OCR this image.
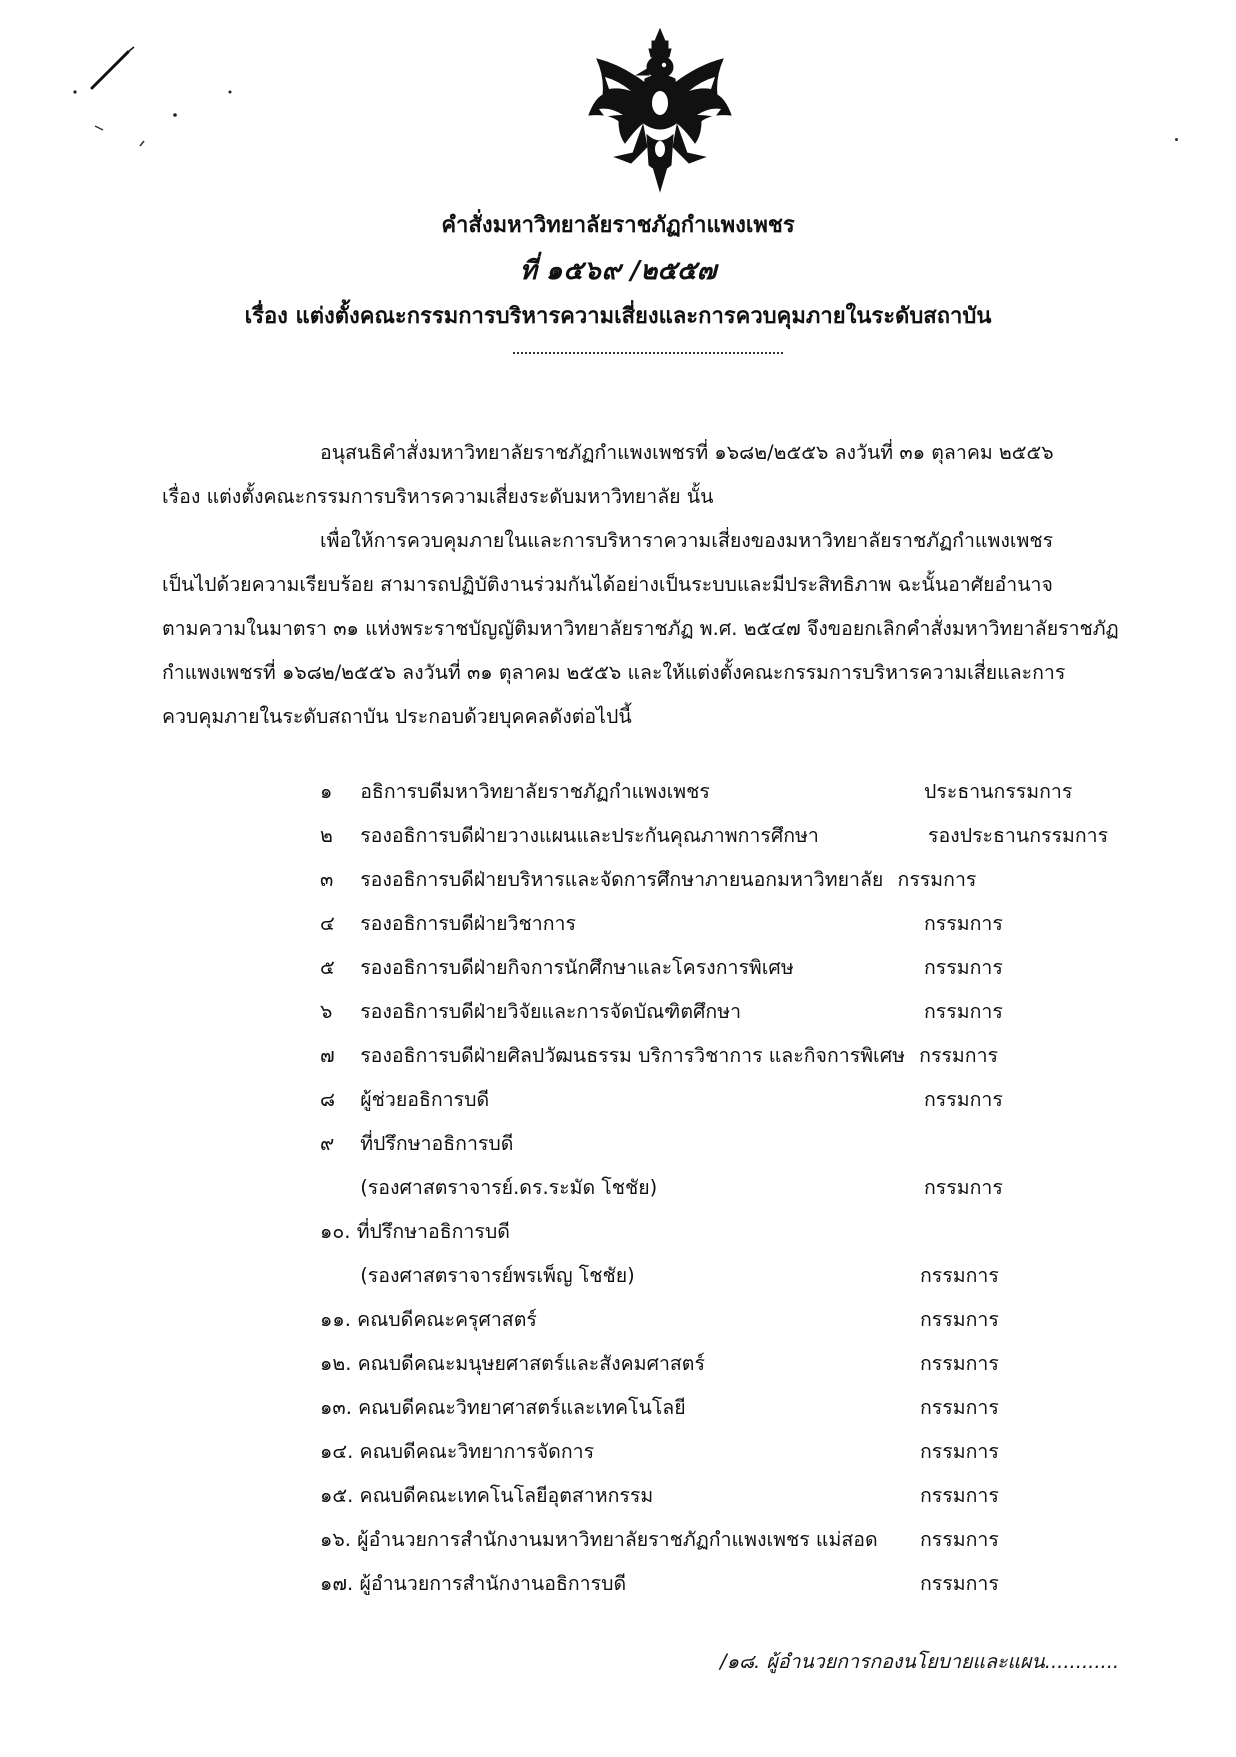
คำสั่งมหาวิทยาลัยราชภัฏกำแพงเพชร
ที่ ๑๕๖๙ /๒๕๕๗
เรื่อง แต่งตั้งคณะกรรมการบริหารความเสี่ยงและการควบคุมภายในระดับสถาบัน
อนุสนธิคำสั่งมหาวิทยาลัยราชภัฏกำแพงเพชรที่ ๑๖๘๒/๒๕๕๖ ลงวันที่ ๓๑ ตุลาคม ๒๕๕๖
เรื่อง แต่งตั้งคณะกรรมการบริหารความเสี่ยงระดับมหาวิทยาลัย นั้น
เพื่อให้การควบคุมภายในและการบริหาราความเสี่ยงของมหาวิทยาลัยราชภัฏกำแพงเพชร
เป็นไปด้วยความเรียบร้อย สามารถปฏิบัติงานร่วมกันได้อย่างเป็นระบบและมีประสิทธิภาพ ฉะนั้นอาศัยอำนาจ
ตามความในมาตรา ๓๑ แห่งพระราชบัญญัติมหาวิทยาลัยราชภัฏ พ.ศ. ๒๕๔๗ จึงขอยกเลิกคำสั่งมหาวิทยาลัยราชภัฏ
กำแพงเพชรที่ ๑๖๘๒/๒๕๕๖ ลงวันที่ ๓๑ ตุลาคม ๒๕๕๖ และให้แต่งตั้งคณะกรรมการบริหารความเสี่ยและการ
ควบคุมภายในระดับสถาบัน ประกอบด้วยบุคคลดังต่อไปนี้
๑ อธิการบดีมหาวิทยาลัยราชภัฏกำแพงเพชร	ประธานกรรมการ
๒ รองอธิการบดีฝ่ายวางแผนและประกันคุณภาพการศึกษา	รองประธานกรรมการ
๓ รองอธิการบดีฝ่ายบริหารและจัดการศึกษาภายนอกมหาวิทยาลัย กรรมการ
๔ รองอธิการบดีฝ่ายวิชาการ	กรรมการ
๕ รองอธิการบดีฝ่ายกิจการนักศึกษาและโครงการพิเศษ	กรรมการ
๖ รองอธิการบดีฝ่ายวิจัยและการจัดบัณฑิตศึกษา	กรรมการ
๗ รองอธิการบดีฝ่ายศิลปวัฒนธรรม บริการวิชาการ และกิจการพิเศษ กรรมการ
๘ ผู้ช่วยอธิการบดี	กรรมการ
๙ ที่ปรึกษาอธิการบดี
(รองศาสตราจารย์.ดร.ระมัด โชชัย)	กรรมการ
๑๐. ที่ปรึกษาอธิการบดี
(รองศาสตราจารย์พรเพ็ญ โชชัย)	กรรมการ
๑๑. คณบดีคณะครุศาสตร์	กรรมการ
๑๒. คณบดีคณะมนุษยศาสตร์และสังคมศาสตร์	กรรมการ
๑๓. คณบดีคณะวิทยาศาสตร์และเทคโนโลยี	กรรมการ
๑๔. คณบดีคณะวิทยาการจัดการ	กรรมการ
๑๕. คณบดีคณะเทคโนโลยีอุตสาหกรรม	กรรมการ
๑๖. ผู้อำนวยการสำนักงานมหาวิทยาลัยราชภัฏกำแพงเพชร แม่สอด กรรมการ
๑๗. ผู้อำนวยการสำนักงานอธิการบดี	กรรมการ
/๑๘. ผู้อำนวยการกองนโยบายและแผน............
